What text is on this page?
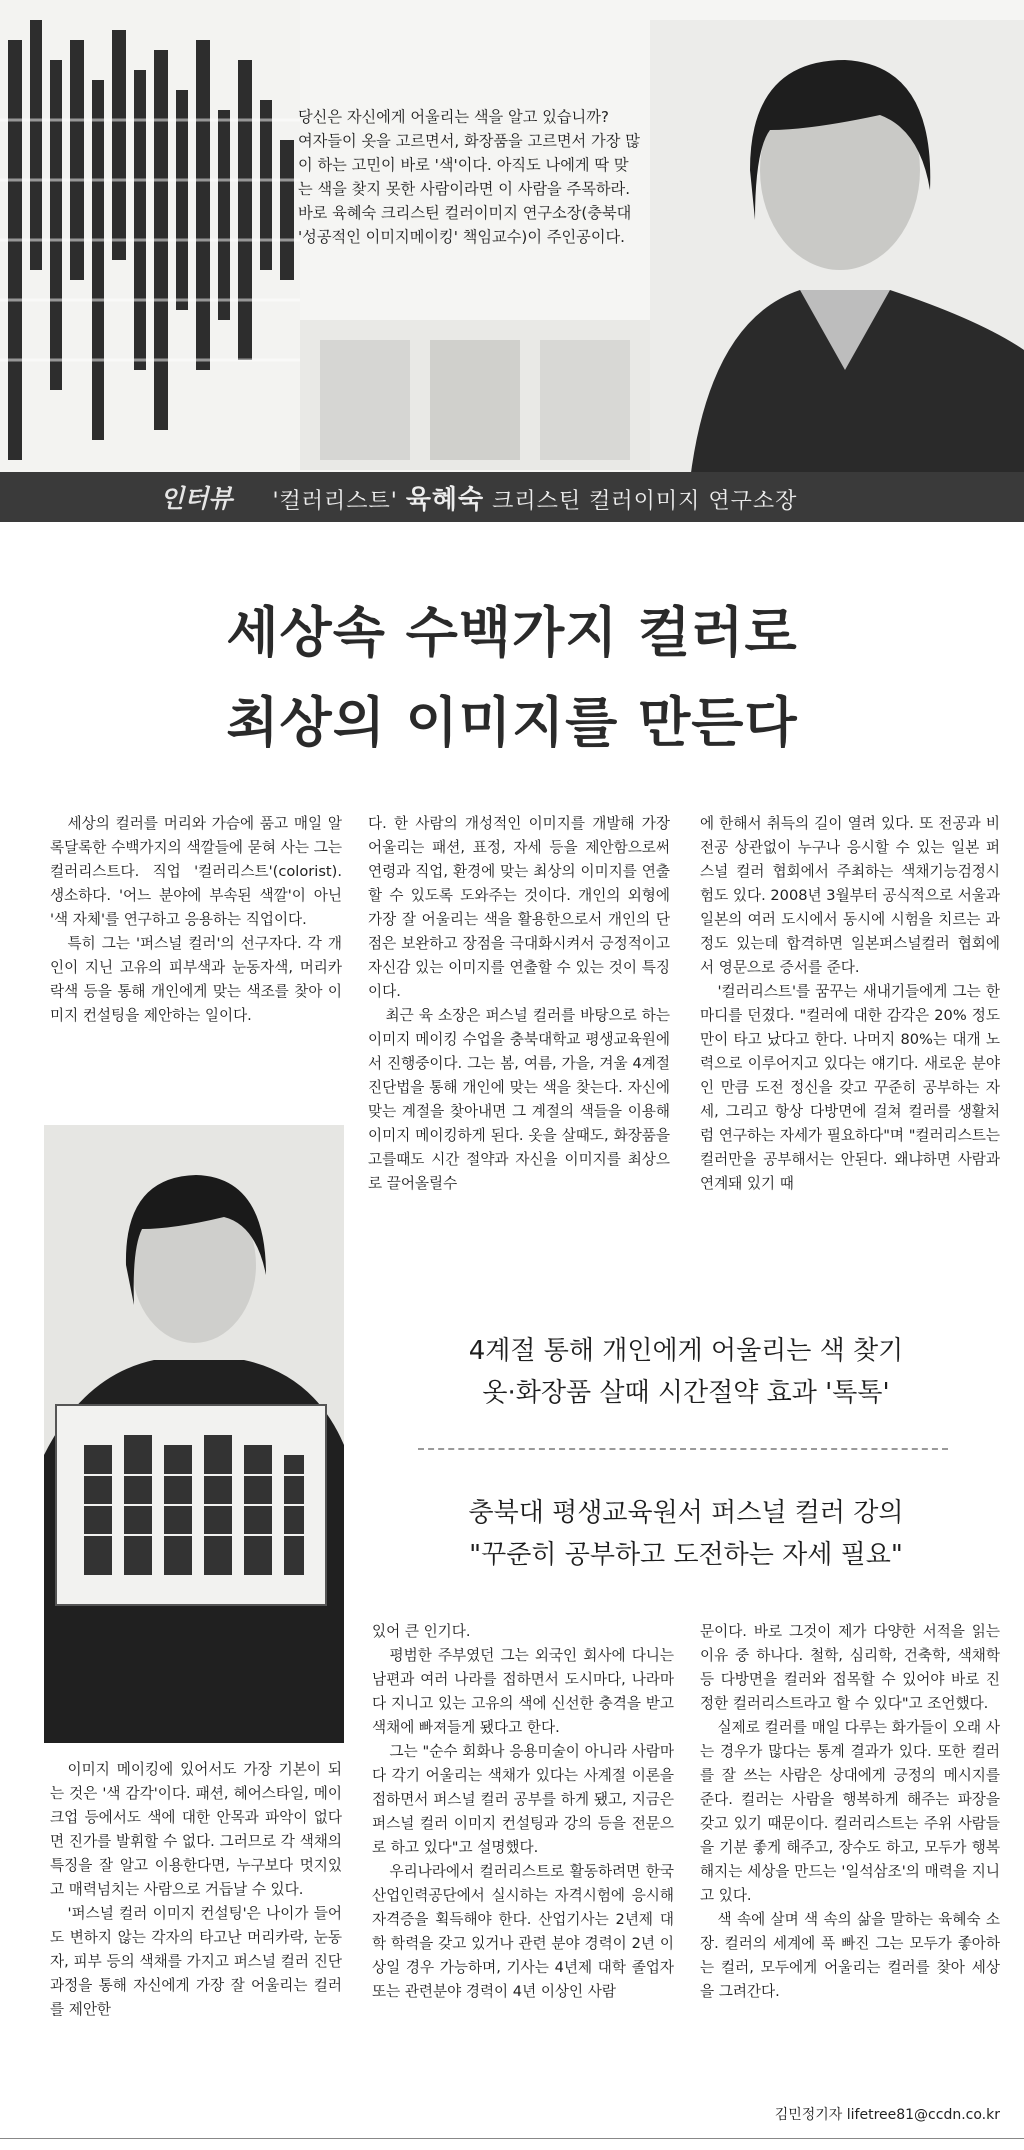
당신은 자신에게 어울리는 색을 알고 있습니까?
여자들이 옷을 고르면서, 화장품을 고르면서 가장 많
이 하는 고민이 바로 '색'이다. 아직도 나에게 딱 맞
는 색을 찾지 못한 사람이라면 이 사람을 주목하라.
바로 육혜숙 크리스틴 컬러이미지 연구소장(충북대
'성공적인 이미지메이킹' 책임교수)이 주인공이다.
인터뷰 '컬러리스트' 육혜숙 크리스틴 컬러이미지 연구소장
세상속 수백가지 컬러로
최상의 이미지를 만든다

세상의 컬러를 머리와 가슴에 품고 매일 알록달록한 수백가지의 색깔들에 묻혀 사는 그는 컬러리스트다. 직업 '컬러리스트'(colorist). 생소하다. '어느 분야에 부속된 색깔'이 아닌 '색 자체'를 연구하고 응용하는 직업이다.

특히 그는 '퍼스널 컬러'의 선구자다. 각 개인이 지닌 고유의 피부색과 눈동자색, 머리카락색 등을 통해 개인에게 맞는 색조를 찾아 이미지 컨설팅을 제안하는 일이다.

다. 한 사람의 개성적인 이미지를 개발해 가장 어울리는 패션, 표정, 자세 등을 제안함으로써 연령과 직업, 환경에 맞는 최상의 이미지를 연출할 수 있도록 도와주는 것이다. 개인의 외형에 가장 잘 어울리는 색을 활용한으로서 개인의 단점은 보완하고 장점을 극대화시켜서 긍정적이고 자신감 있는 이미지를 연출할 수 있는 것이 특징이다.

최근 육 소장은 퍼스널 컬러를 바탕으로 하는 이미지 메이킹 수업을 충북대학교 평생교육원에서 진행중이다. 그는 봄, 여름, 가을, 겨울 4계절 진단법을 통해 개인에 맞는 색을 찾는다. 자신에 맞는 계절을 찾아내면 그 계절의 색들을 이용해 이미지 메이킹하게 된다. 옷을 살때도, 화장품을 고를때도 시간 절약과 자신을 이미지를 최상으로 끌어올릴수

에 한해서 취득의 길이 열려 있다. 또 전공과 비전공 상관없이 누구나 응시할 수 있는 일본 퍼스널 컬러 협회에서 주최하는 색채기능검정시험도 있다. 2008년 3월부터 공식적으로 서울과 일본의 여러 도시에서 동시에 시험을 치르는 과정도 있는데 합격하면 일본퍼스널컬러 협회에서 영문으로 증서를 준다.

'컬러리스트'를 꿈꾸는 새내기들에게 그는 한마디를 던졌다. "컬러에 대한 감각은 20% 정도만이 타고 났다고 한다. 나머지 80%는 대개 노력으로 이루어지고 있다는 얘기다. 새로운 분야인 만큼 도전 정신을 갖고 꾸준히 공부하는 자세, 그리고 항상 다방면에 걸쳐 컬러를 생활처럼 연구하는 자세가 필요하다"며 "컬러리스트는 컬러만을 공부해서는 안된다. 왜냐하면 사람과 연계돼 있기 때

4계절 통해 개인에게 어울리는 색 찾기
옷·화장품 살때 시간절약 효과 '톡톡'
충북대 평생교육원서 퍼스널 컬러 강의
"꾸준히 공부하고 도전하는 자세 필요"

이미지 메이킹에 있어서도 가장 기본이 되는 것은 '색 감각'이다. 패션, 헤어스타일, 메이크업 등에서도 색에 대한 안목과 파악이 없다면 진가를 발휘할 수 없다. 그러므로 각 색채의 특징을 잘 알고 이용한다면, 누구보다 멋지있고 매력넘치는 사람으로 거듭날 수 있다.

'퍼스널 컬러 이미지 컨설팅'은 나이가 들어도 변하지 않는 각자의 타고난 머리카락, 눈동자, 피부 등의 색채를 가지고 퍼스널 컬러 진단 과정을 통해 자신에게 가장 잘 어울리는 컬러를 제안한

있어 큰 인기다.

평범한 주부였던 그는 외국인 회사에 다니는 남편과 여러 나라를 접하면서 도시마다, 나라마다 지니고 있는 고유의 색에 신선한 충격을 받고 색채에 빠져들게 됐다고 한다.

그는 "순수 회화나 응용미술이 아니라 사람마다 각기 어울리는 색채가 있다는 사계절 이론을 접하면서 퍼스널 컬러 공부를 하게 됐고, 지금은 퍼스널 컬러 이미지 컨설팅과 강의 등을 전문으로 하고 있다"고 설명했다.

우리나라에서 컬러리스트로 활동하려면 한국산업인력공단에서 실시하는 자격시험에 응시해 자격증을 획득해야 한다. 산업기사는 2년제 대학 학력을 갖고 있거나 관련 분야 경력이 2년 이상일 경우 가능하며, 기사는 4년제 대학 졸업자 또는 관련분야 경력이 4년 이상인 사람

문이다. 바로 그것이 제가 다양한 서적을 읽는 이유 중 하나다. 철학, 심리학, 건축학, 색채학 등 다방면을 컬러와 접목할 수 있어야 바로 진정한 컬러리스트라고 할 수 있다"고 조언했다.

실제로 컬러를 매일 다루는 화가들이 오래 사는 경우가 많다는 통계 결과가 있다. 또한 컬러를 잘 쓰는 사람은 상대에게 긍정의 메시지를 준다. 컬러는 사람을 행복하게 해주는 파장을 갖고 있기 때문이다. 컬러리스트는 주위 사람들을 기분 좋게 해주고, 장수도 하고, 모두가 행복해지는 세상을 만드는 '일석삼조'의 매력을 지니고 있다.

색 속에 살며 색 속의 삶을 말하는 육혜숙 소장. 컬러의 세계에 푹 빠진 그는 모두가 좋아하는 컬러, 모두에게 어울리는 컬러를 찾아 세상을 그려간다.

김민정기자 lifetree81@ccdn.co.kr
